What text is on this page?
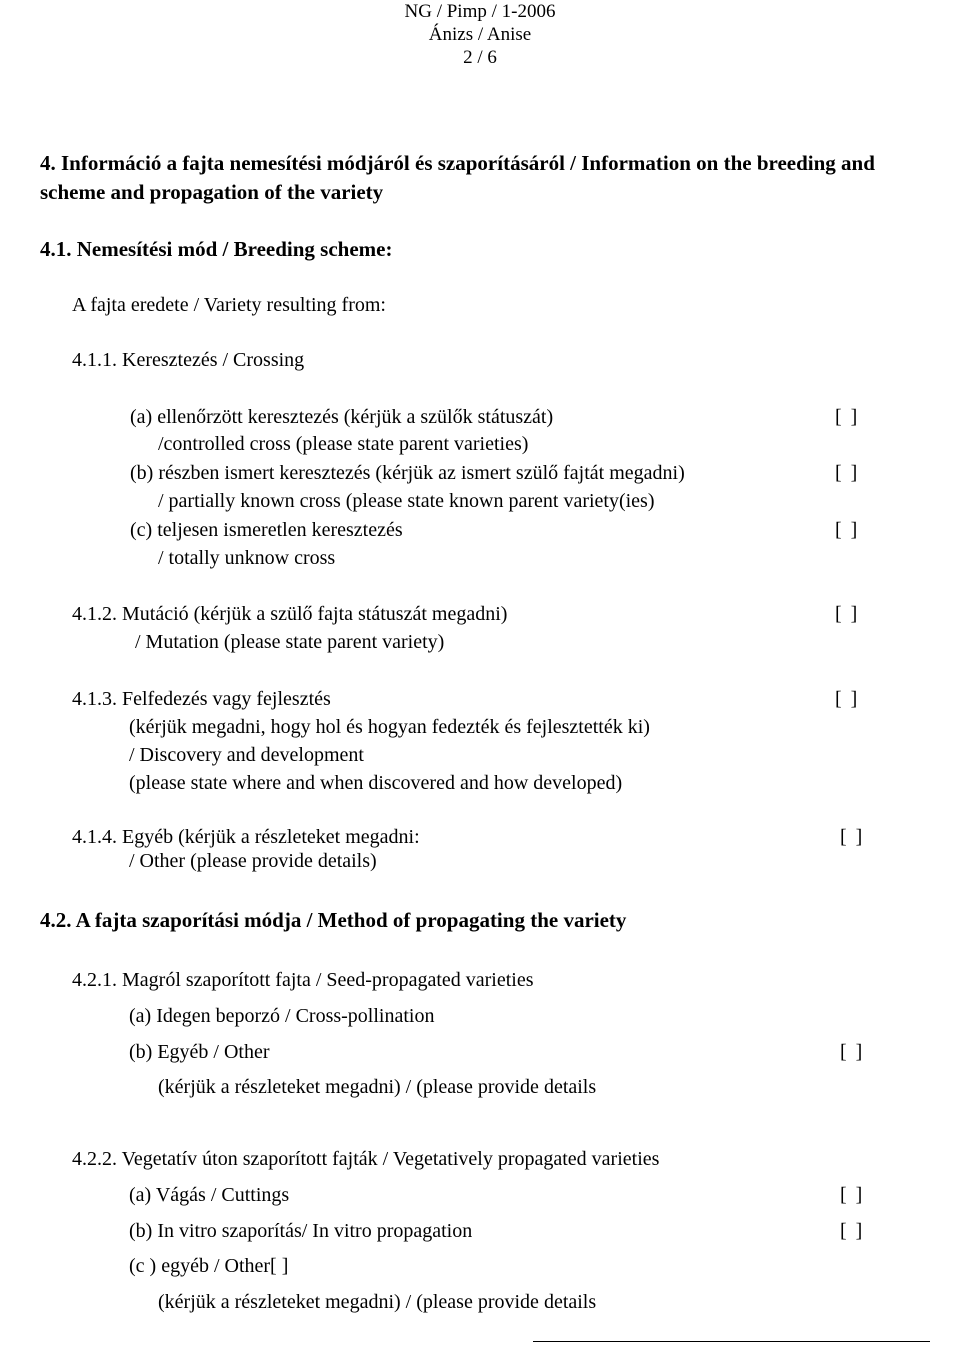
NG / Pimp / 1-2006
Ánizs / Anise
2 / 6
4. Információ a fajta nemesítési módjáról és szaporításáról / Information on the breeding and
scheme and propagation of the variety
4.1. Nemesítési mód / Breeding scheme:
A fajta eredete / Variety resulting from:
4.1.1. Keresztezés / Crossing
(a) ellenőrzött keresztezés (kérjük a szülők státuszát)	[ ]
/controlled cross (please state parent varieties)
(b) részben ismert keresztezés (kérjük az ismert szülő fajtát megadni)	[ ]
/ partially known cross (please state known parent variety(ies)
(c) teljesen ismeretlen keresztezés	[ ]
/ totally unknow cross
4.1.2. Mutáció (kérjük a szülő fajta státuszát megadni)	[ ]
/ Mutation (please state parent variety)
4.1.3. Felfedezés vagy fejlesztés	[ ]
(kérjük megadni, hogy hol és hogyan fedezték és fejlesztették ki)
/ Discovery and development
(please state where and when discovered and how developed)
4.1.4. Egyéb (kérjük a részleteket megadni:	[ ]
/ Other (please provide details)
4.2. A fajta szaporítási módja / Method of propagating the variety
4.2.1. Magról szaporított fajta / Seed-propagated varieties
(a) Idegen beporzó / Cross-pollination
(b) Egyéb / Other	[ ]
(kérjük a részleteket megadni) / (please provide details
4.2.2. Vegetatív úton szaporított fajták / Vegetatively propagated varieties
(a) Vágás / Cuttings	[ ]
(b) In vitro szaporítás/ In vitro propagation	[ ]
(c ) egyéb / Other[ ]
(kérjük a részleteket megadni) / (please provide details
